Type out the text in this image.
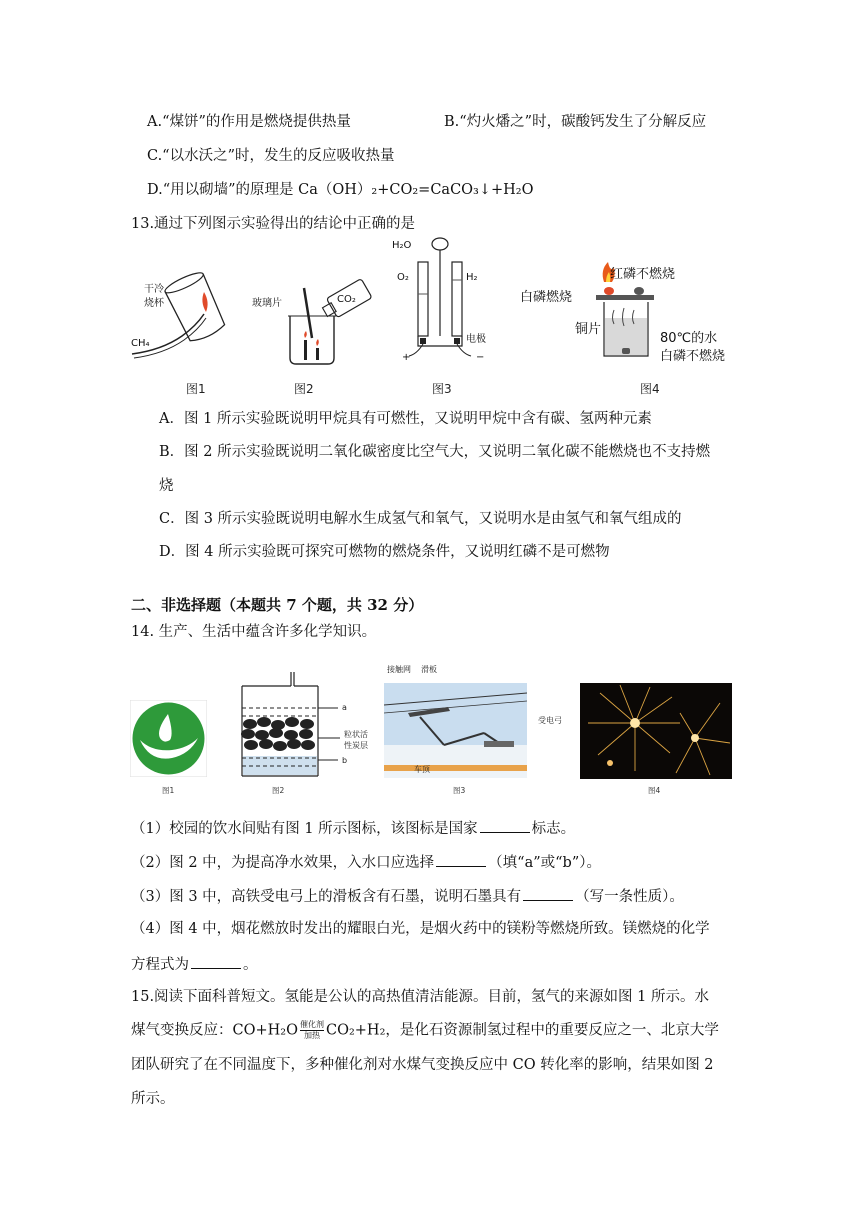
A.“煤饼”的作用是燃烧提供热量	B.“灼火燔之”时，碳酸钙发生了分解反应
C.“以水沃之”时，发生的反应吸收热量
D.“用以砌墙”的原理是 Ca（OH）₂+CO₂=CaCO₃↓+H₂O
13.通过下列图示实验得出的结论中正确的是
干冷
烧杯
CH₄
图1
玻璃片	CO₂
图2
H₂O
O₂	H₂
电极
+	−
图3
红磷不燃烧
白磷燃烧
铜片
80℃的水
白磷不燃烧
图4
A．图 1 所示实验既说明甲烷具有可燃性，又说明甲烷中含有碳、氢两种元素
B．图 2 所示实验既说明二氧化碳密度比空气大，又说明二氧化碳不能燃烧也不支持燃
烧
C．图 3 所示实验既说明电解水生成氢气和氧气，又说明水是由氢气和氧气组成的
D．图 4 所示实验既可探究可燃物的燃烧条件，又说明红磷不是可燃物
二、非选择题（本题共 7 个题，共 32 分）
14. 生产、生活中蕴含许多化学知识。
图1
a
粒状活
性炭层
b
图2
接触网 滑板
受电弓
车顶
图3	图4
（1）校园的饮水间贴有图 1 所示图标，该图标是国家	标志。
（2）图 2 中，为提高净水效果，入水口应选择	（填“a”或“b”）。
（3）图 3 中，高铁受电弓上的滑板含有石墨，说明石墨具有	（写一条性质）。
（4）图 4 中，烟花燃放时发出的耀眼白光，是烟火药中的镁粉等燃烧所致。镁燃烧的化学
方程式为	。
15.阅读下面科普短文。氢能是公认的高热值清洁能源。目前，氢气的来源如图 1 所示。水
煤气变换反应：$CO+H_2O \frac{\text{催化剂}}{\text{加热}} CO_2+H_2$，是化石资源制氢过程中的重要反应之一、北京大学
团队研究了在不同温度下，多种催化剂对水煤气变换反应中 CO 转化率的影响，结果如图 2
所示。
